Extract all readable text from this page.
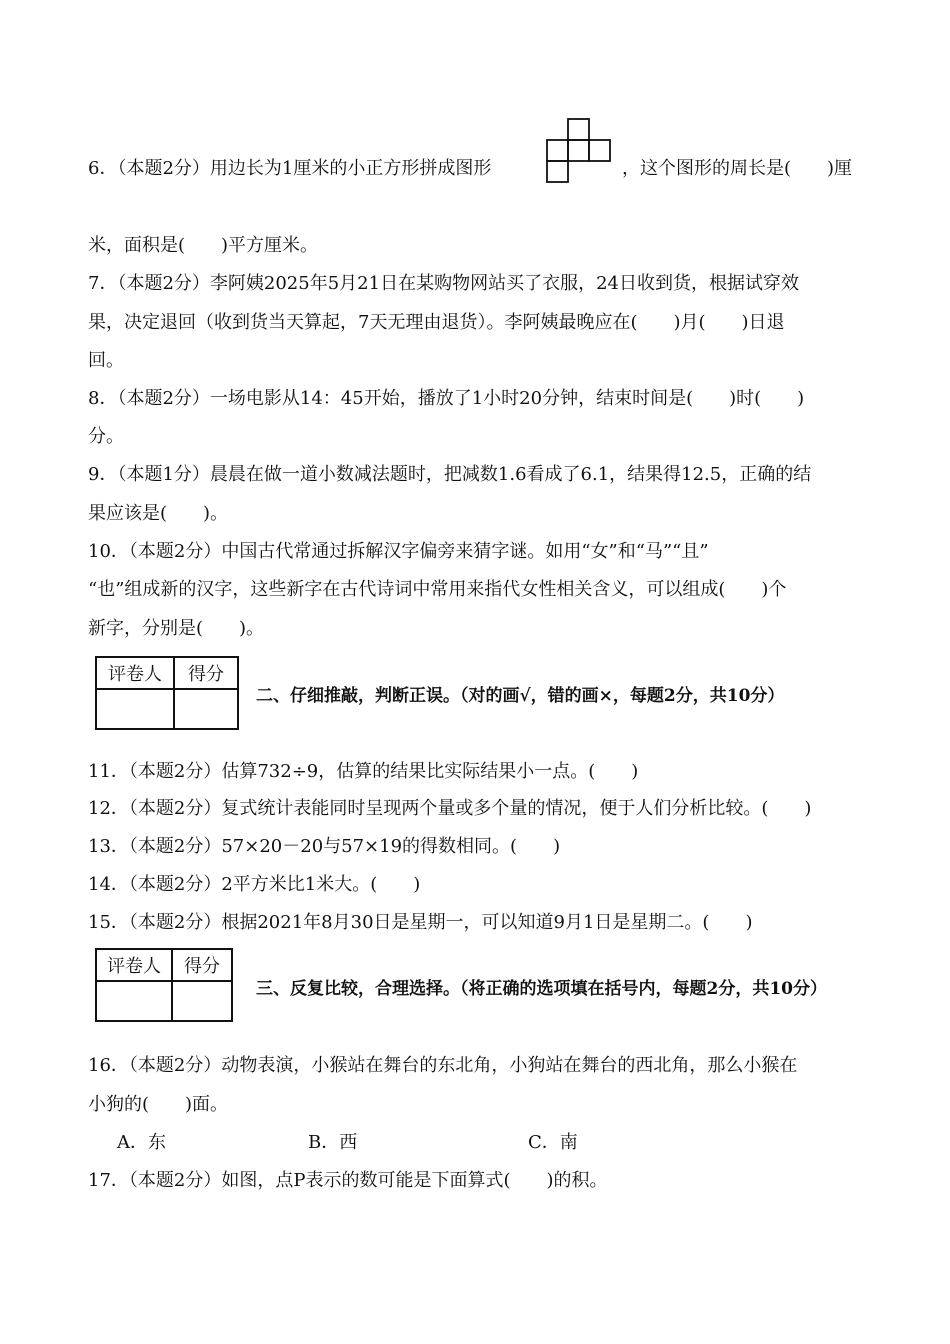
6．（本题2分）用边长为1厘米的小正方形拼成图形	，这个图形的周长是(　　)厘
米，面积是(　　)平方厘米。
7．（本题2分）李阿姨2025年5月21日在某购物网站买了衣服，24日收到货，根据试穿效
果，决定退回（收到货当天算起，7天无理由退货）。李阿姨最晚应在(　　)月(　　)日退
回。
8．（本题2分）一场电影从14：45开始，播放了1小时20分钟，结束时间是(　　)时(　　)
分。
9．（本题1分）晨晨在做一道小数减法题时，把减数1.6看成了6.1，结果得12.5，正确的结
果应该是(　　)。
10．（本题2分）中国古代常通过拆解汉字偏旁来猜字谜。如用“女”和“马”“且”
“也”组成新的汉字，这些新字在古代诗词中常用来指代女性相关含义，可以组成(　　)个
新字，分别是(　　)。
评卷人	得分

二、仔细推敲，判断正误。（对的画√，错的画×，每题2分，共10分）
11．（本题2分）估算732÷9，估算的结果比实际结果小一点。(　　)
12．（本题2分）复式统计表能同时呈现两个量或多个量的情况，便于人们分析比较。(　　)
13．（本题2分）57×20－20与57×19的得数相同。(　　)
14．（本题2分）2平方米比1米大。(　　)
15．（本题2分）根据2021年8月30日是星期一，可以知道9月1日是星期二。(　　)
评卷人	得分

三、反复比较，合理选择。（将正确的选项填在括号内，每题2分，共10分）
16．（本题2分）动物表演，小猴站在舞台的东北角，小狗站在舞台的西北角，那么小猴在
小狗的(　　)面。
A．东	B．西	C．南
17．（本题2分）如图，点P表示的数可能是下面算式(　　)的积。
